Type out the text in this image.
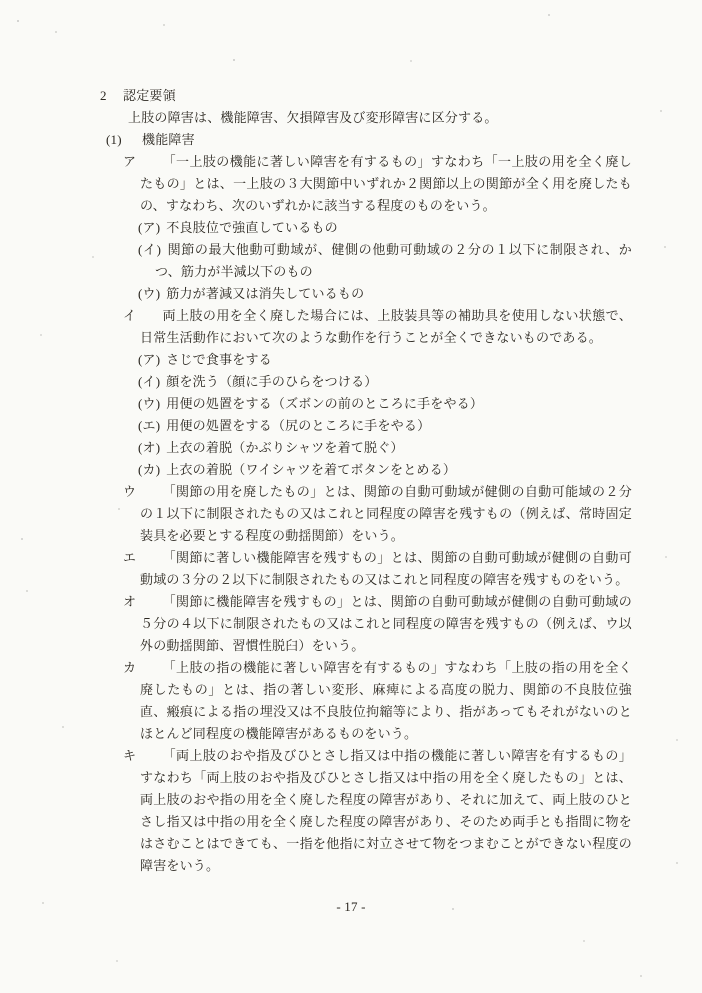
2 認定要領
上肢の障害は、機能障害、欠損障害及び変形障害に区分する。
(1) 機能障害
ア 「一上肢の機能に著しい障害を有するもの」すなわち「一上肢の用を全く廃したもの」とは、一上肢の３大関節中いずれか２関節以上の関節が全く用を廃したもの、すなわち、次のいずれかに該当する程度のものをいう。
(ア) 不良肢位で強直しているもの
(イ) 関節の最大他動可動域が、健側の他動可動域の２分の１以下に制限され、かつ、筋力が半減以下のもの
(ウ) 筋力が著減又は消失しているもの
イ 両上肢の用を全く廃した場合には、上肢装具等の補助具を使用しない状態で、日常生活動作において次のような動作を行うことが全くできないものである。
(ア) さじで食事をする
(イ) 顔を洗う（顔に手のひらをつける）
(ウ) 用便の処置をする（ズボンの前のところに手をやる）
(エ) 用便の処置をする（尻のところに手をやる）
(オ) 上衣の着脱（かぶりシャツを着て脱ぐ）
(カ) 上衣の着脱（ワイシャツを着てボタンをとめる）
ウ 「関節の用を廃したもの」とは、関節の自動可動域が健側の自動可能域の２分の１以下に制限されたもの又はこれと同程度の障害を残すもの（例えば、常時固定装具を必要とする程度の動揺関節）をいう。
エ 「関節に著しい機能障害を残すもの」とは、関節の自動可動域が健側の自動可動域の３分の２以下に制限されたもの又はこれと同程度の障害を残すものをいう。
オ 「関節に機能障害を残すもの」とは、関節の自動可動域が健側の自動可動域の５分の４以下に制限されたもの又はこれと同程度の障害を残すもの（例えば、ウ以外の動揺関節、習慣性脱臼）をいう。
カ 「上肢の指の機能に著しい障害を有するもの」すなわち「上肢の指の用を全く廃したもの」とは、指の著しい変形、麻痺による高度の脱力、関節の不良肢位強直、瘢痕による指の埋没又は不良肢位拘縮等により、指があってもそれがないのとほとんど同程度の機能障害があるものをいう。
キ 「両上肢のおや指及びひとさし指又は中指の機能に著しい障害を有するもの」すなわち「両上肢のおや指及びひとさし指又は中指の用を全く廃したもの」とは、両上肢のおや指の用を全く廃した程度の障害があり、それに加えて、両上肢のひとさし指又は中指の用を全く廃した程度の障害があり、そのため両手とも指間に物をはさむことはできても、一指を他指に対立させて物をつまむことができない程度の障害をいう。
- 17 -
